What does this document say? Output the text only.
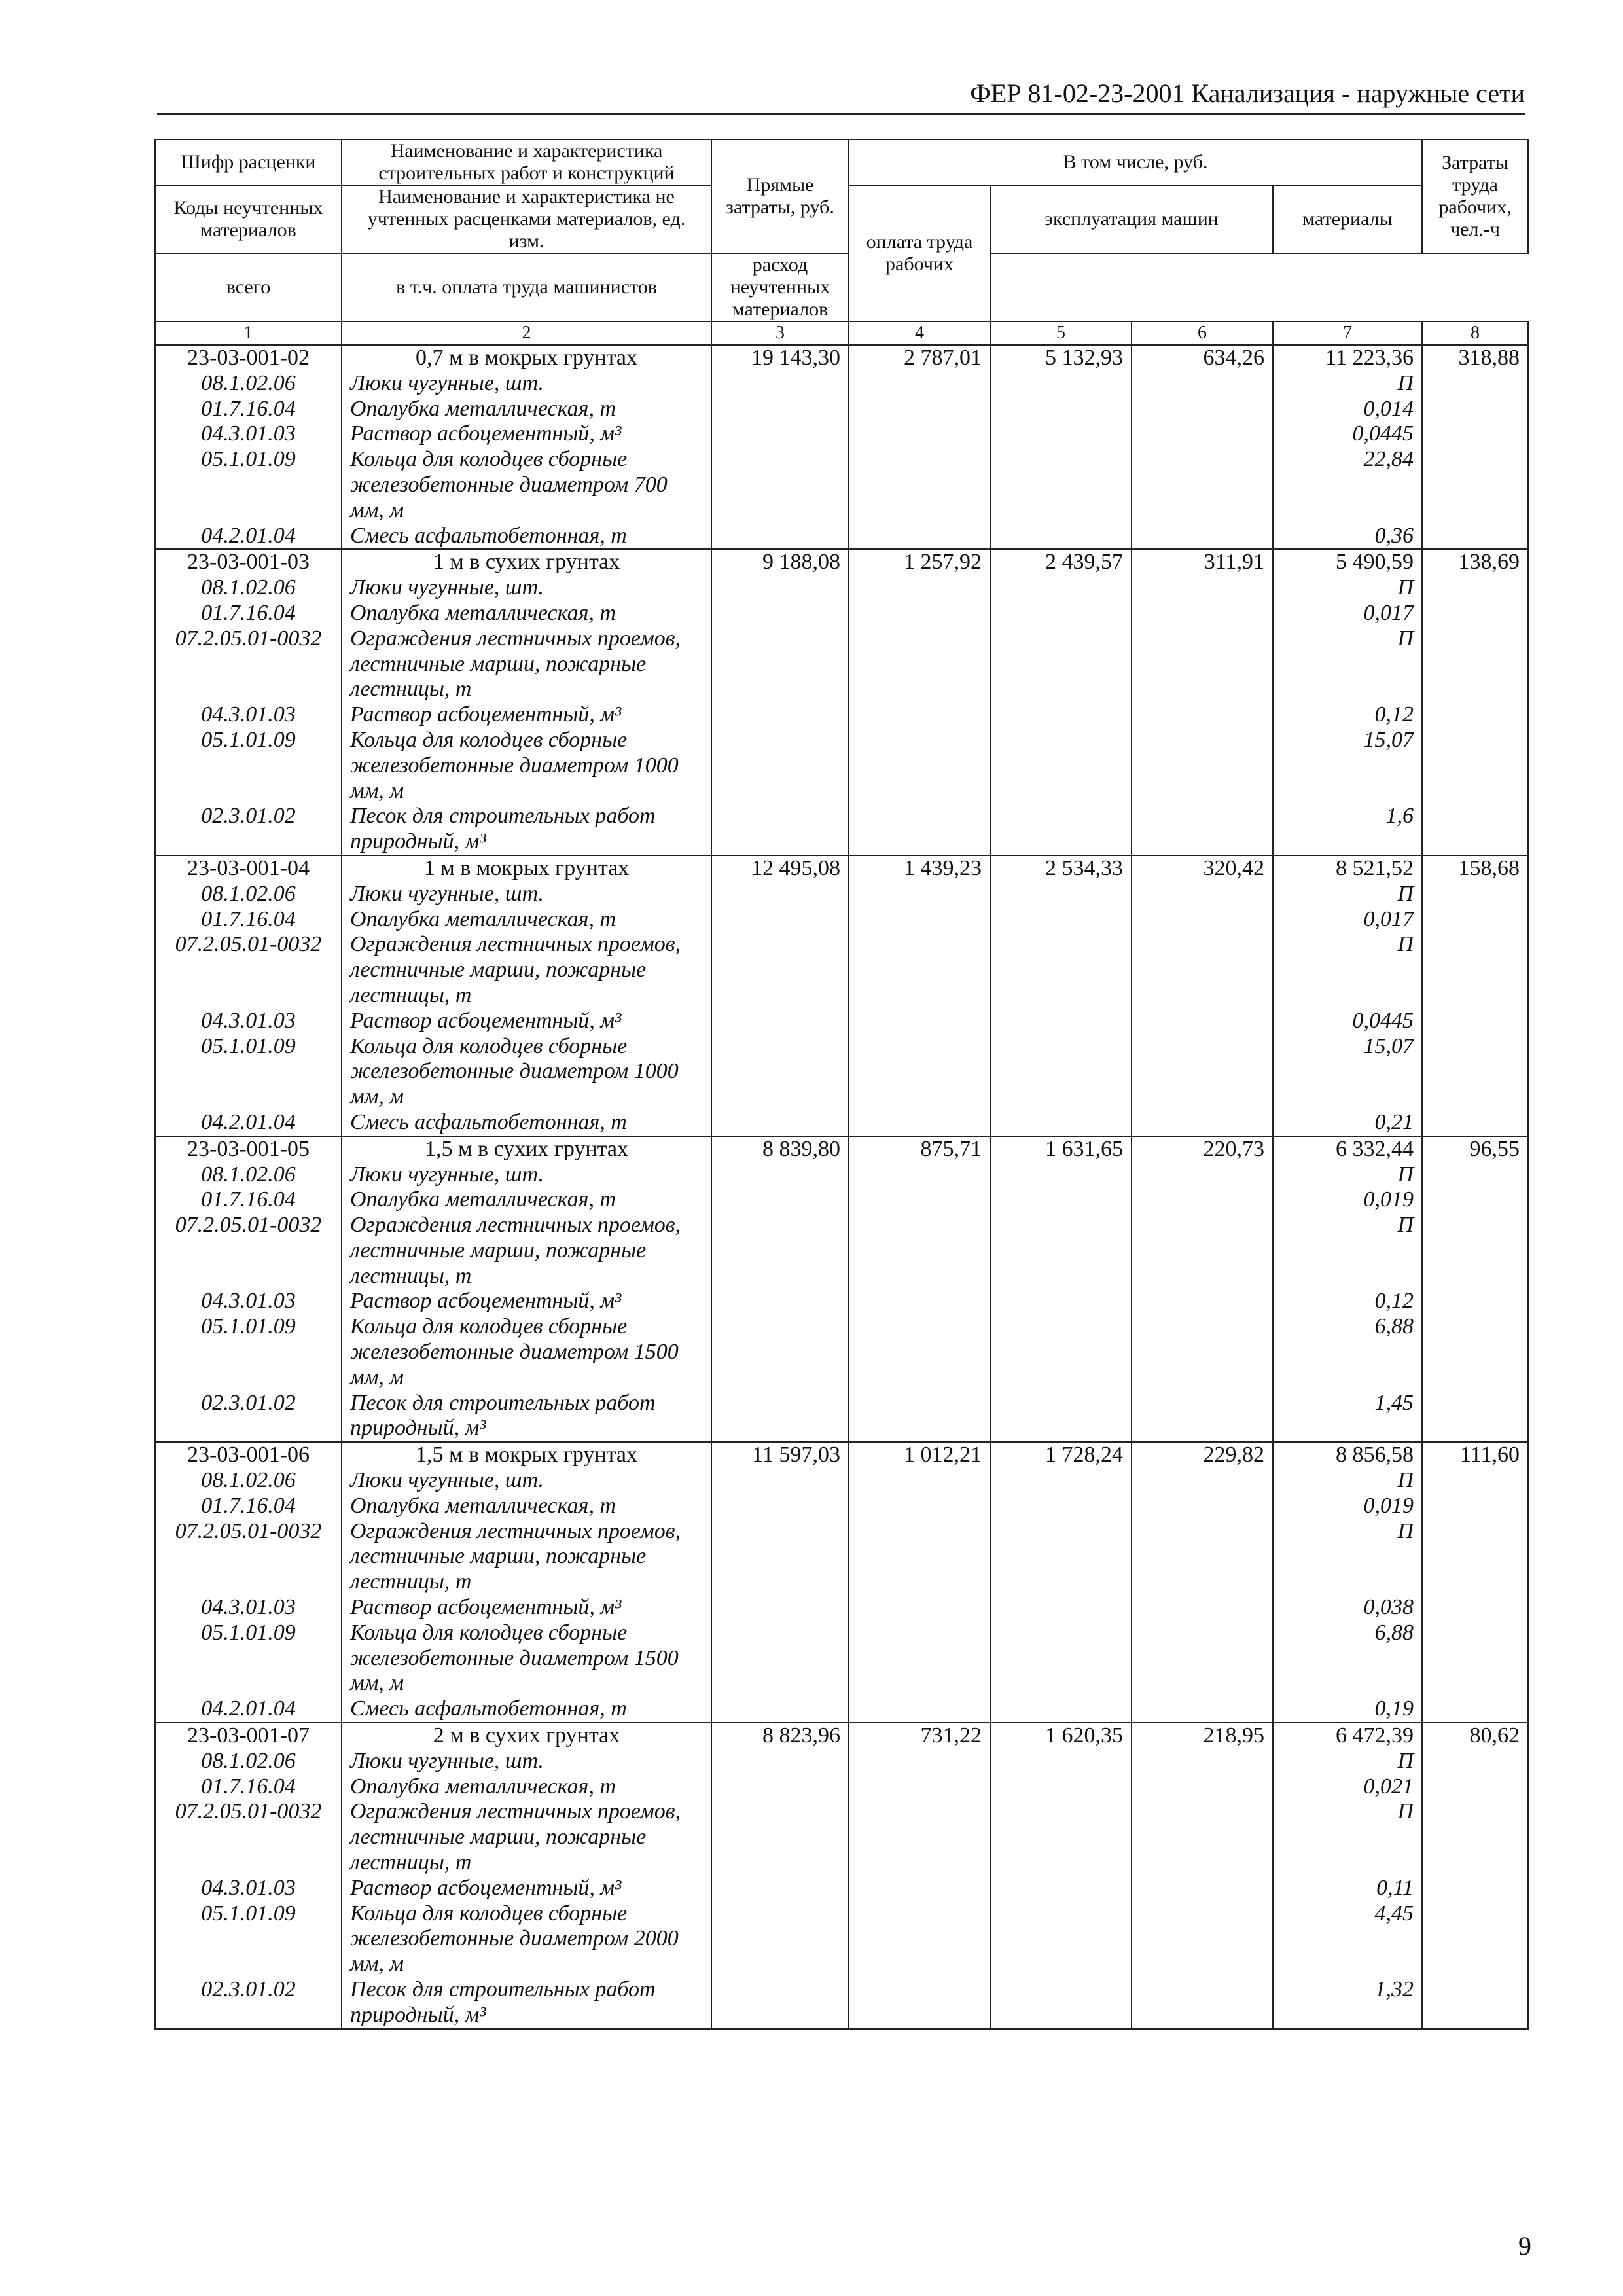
ФЕР 81-02-23-2001 Канализация - наружные сети
Шифр расценки	Наименование и характеристика строительных работ и конструкций	Прямые затраты, руб.	В том числе, руб.				Затраты труда рабочих, чел.-ч
Коды неучтенных материалов	Наименование и характеристика не учтенных расценками материалов, ед. изм.						
			оплата труда рабочих	эксплуатация машин		материалы	
всего	в т.ч. оплата труда машинистов	расход неучтенных материалов					
1	2	3	4	5	6	7	8
23-03-001-02	0,7 м в мокрых грунтах	19 143,30	2 787,01	5 132,93	634,26	11 223,36	318,88
08.1.02.06	Люки чугунные, шт.					П	
01.7.16.04	Опалубка металлическая, т					0,014	
04.3.01.03	Раствор асбоцементный, м³					0,0445	
05.1.01.09	Кольца для колодцев сборные железобетонные диаметром 700 мм, м					22,84	
04.2.01.04	Смесь асфальтобетонная, т					0,36	
23-03-001-03	1 м в сухих грунтах	9 188,08	1 257,92	2 439,57	311,91	5 490,59	138,69
08.1.02.06	Люки чугунные, шт.					П	
01.7.16.04	Опалубка металлическая, т					0,017	
07.2.05.01-0032	Ограждения лестничных проемов, лестничные марши, пожарные лестницы, т					П	
04.3.01.03	Раствор асбоцементный, м³					0,12	
05.1.01.09	Кольца для колодцев сборные железобетонные диаметром 1000 мм, м					15,07	
02.3.01.02	Песок для строительных работ природный, м³					1,6	
23-03-001-04	1 м в мокрых грунтах	12 495,08	1 439,23	2 534,33	320,42	8 521,52	158,68
08.1.02.06	Люки чугунные, шт.					П	
01.7.16.04	Опалубка металлическая, т					0,017	
07.2.05.01-0032	Ограждения лестничных проемов, лестничные марши, пожарные лестницы, т					П	
04.3.01.03	Раствор асбоцементный, м³					0,0445	
05.1.01.09	Кольца для колодцев сборные железобетонные диаметром 1000 мм, м					15,07	
04.2.01.04	Смесь асфальтобетонная, т					0,21	
23-03-001-05	1,5 м в сухих грунтах	8 839,80	875,71	1 631,65	220,73	6 332,44	96,55
08.1.02.06	Люки чугунные, шт.					П	
01.7.16.04	Опалубка металлическая, т					0,019	
07.2.05.01-0032	Ограждения лестничных проемов, лестничные марши, пожарные лестницы, т					П	
04.3.01.03	Раствор асбоцементный, м³					0,12	
05.1.01.09	Кольца для колодцев сборные железобетонные диаметром 1500 мм, м					6,88	
02.3.01.02	Песок для строительных работ природный, м³					1,45	
23-03-001-06	1,5 м в мокрых грунтах	11 597,03	1 012,21	1 728,24	229,82	8 856,58	111,60
08.1.02.06	Люки чугунные, шт.					П	
01.7.16.04	Опалубка металлическая, т					0,019	
07.2.05.01-0032	Ограждения лестничных проемов, лестничные марши, пожарные лестницы, т					П	
04.3.01.03	Раствор асбоцементный, м³					0,038	
05.1.01.09	Кольца для колодцев сборные железобетонные диаметром 1500 мм, м					6,88	
04.2.01.04	Смесь асфальтобетонная, т					0,19	
23-03-001-07	2 м в сухих грунтах	8 823,96	731,22	1 620,35	218,95	6 472,39	80,62
08.1.02.06	Люки чугунные, шт.					П	
01.7.16.04	Опалубка металлическая, т					0,021	
07.2.05.01-0032	Ограждения лестничных проемов, лестничные марши, пожарные лестницы, т					П	
04.3.01.03	Раствор асбоцементный, м³					0,11	
05.1.01.09	Кольца для колодцев сборные железобетонные диаметром 2000 мм, м					4,45	
02.3.01.02	Песок для строительных работ природный, м³					1,32	
9
